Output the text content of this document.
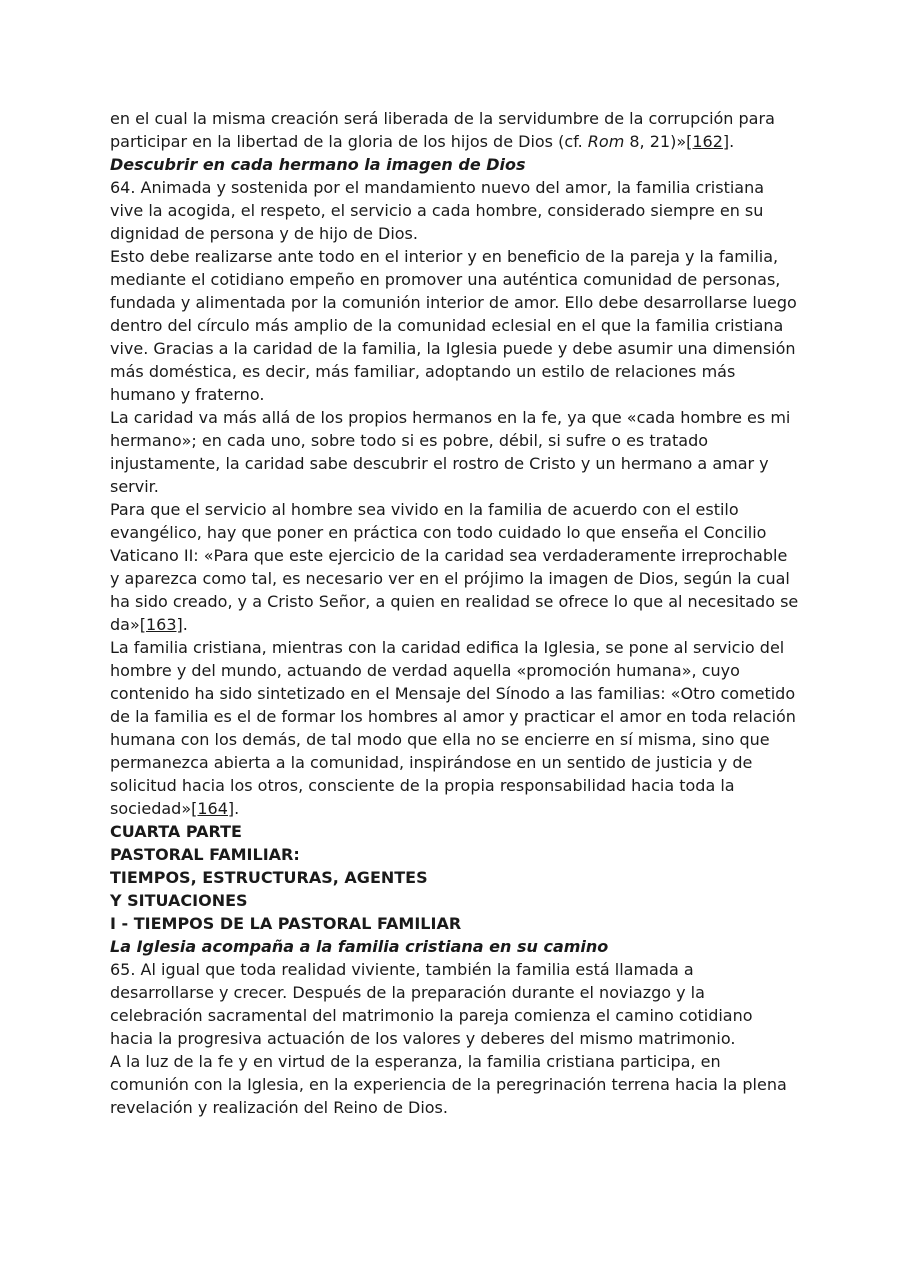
en el cual la misma creación será liberada de la servidumbre de la corrupción para participar en la libertad de la gloria de los hijos de Dios (cf. Rom 8, 21)»[162].

Descubrir en cada hermano la imagen de Dios

64. Animada y sostenida por el mandamiento nuevo del amor, la familia cristiana vive la acogida, el respeto, el servicio a cada hombre, considerado siempre en su dignidad de persona y de hijo de Dios.

Esto debe realizarse ante todo en el interior y en beneficio de la pareja y la familia, mediante el cotidiano empeño en promover una auténtica comunidad de personas, fundada y alimentada por la comunión interior de amor. Ello debe desarrollarse luego dentro del círculo más amplio de la comunidad eclesial en el que la familia cristiana vive. Gracias a la caridad de la familia, la Iglesia puede y debe asumir una dimensión más doméstica, es decir, más familiar, adoptando un estilo de relaciones más humano y fraterno.

La caridad va más allá de los propios hermanos en la fe, ya que «cada hombre es mi hermano»; en cada uno, sobre todo si es pobre, débil, si sufre o es tratado injustamente, la caridad sabe descubrir el rostro de Cristo y un hermano a amar y servir.

Para que el servicio al hombre sea vivido en la familia de acuerdo con el estilo evangélico, hay que poner en práctica con todo cuidado lo que enseña el Concilio Vaticano II: «Para que este ejercicio de la caridad sea verdaderamente irreprochable y aparezca como tal, es necesario ver en el prójimo la imagen de Dios, según la cual ha sido creado, y a Cristo Señor, a quien en realidad se ofrece lo que al necesitado se da»[163].

La familia cristiana, mientras con la caridad edifica la Iglesia, se pone al servicio del hombre y del mundo, actuando de verdad aquella «promoción humana», cuyo contenido ha sido sintetizado en el Mensaje del Sínodo a las familias: «Otro cometido de la familia es el de formar los hombres al amor y practicar el amor en toda relación humana con los demás, de tal modo que ella no se encierre en sí misma, sino que permanezca abierta a la comunidad, inspirándose en un sentido de justicia y de solicitud hacia los otros, consciente de la propia responsabilidad hacia toda la sociedad»[164].

CUARTA PARTE
PASTORAL FAMILIAR:
TIEMPOS, ESTRUCTURAS, AGENTES
Y SITUACIONES
I - TIEMPOS DE LA PASTORAL FAMILIAR
La Iglesia acompaña a la familia cristiana en su camino

65. Al igual que toda realidad viviente, también la familia está llamada a desarrollarse y crecer. Después de la preparación durante el noviazgo y la celebración sacramental del matrimonio la pareja comienza el camino cotidiano hacia la progresiva actuación de los valores y deberes del mismo matrimonio.

A la luz de la fe y en virtud de la esperanza, la familia cristiana participa, en comunión con la Iglesia, en la experiencia de la peregrinación terrena hacia la plena revelación y realización del Reino de Dios.
